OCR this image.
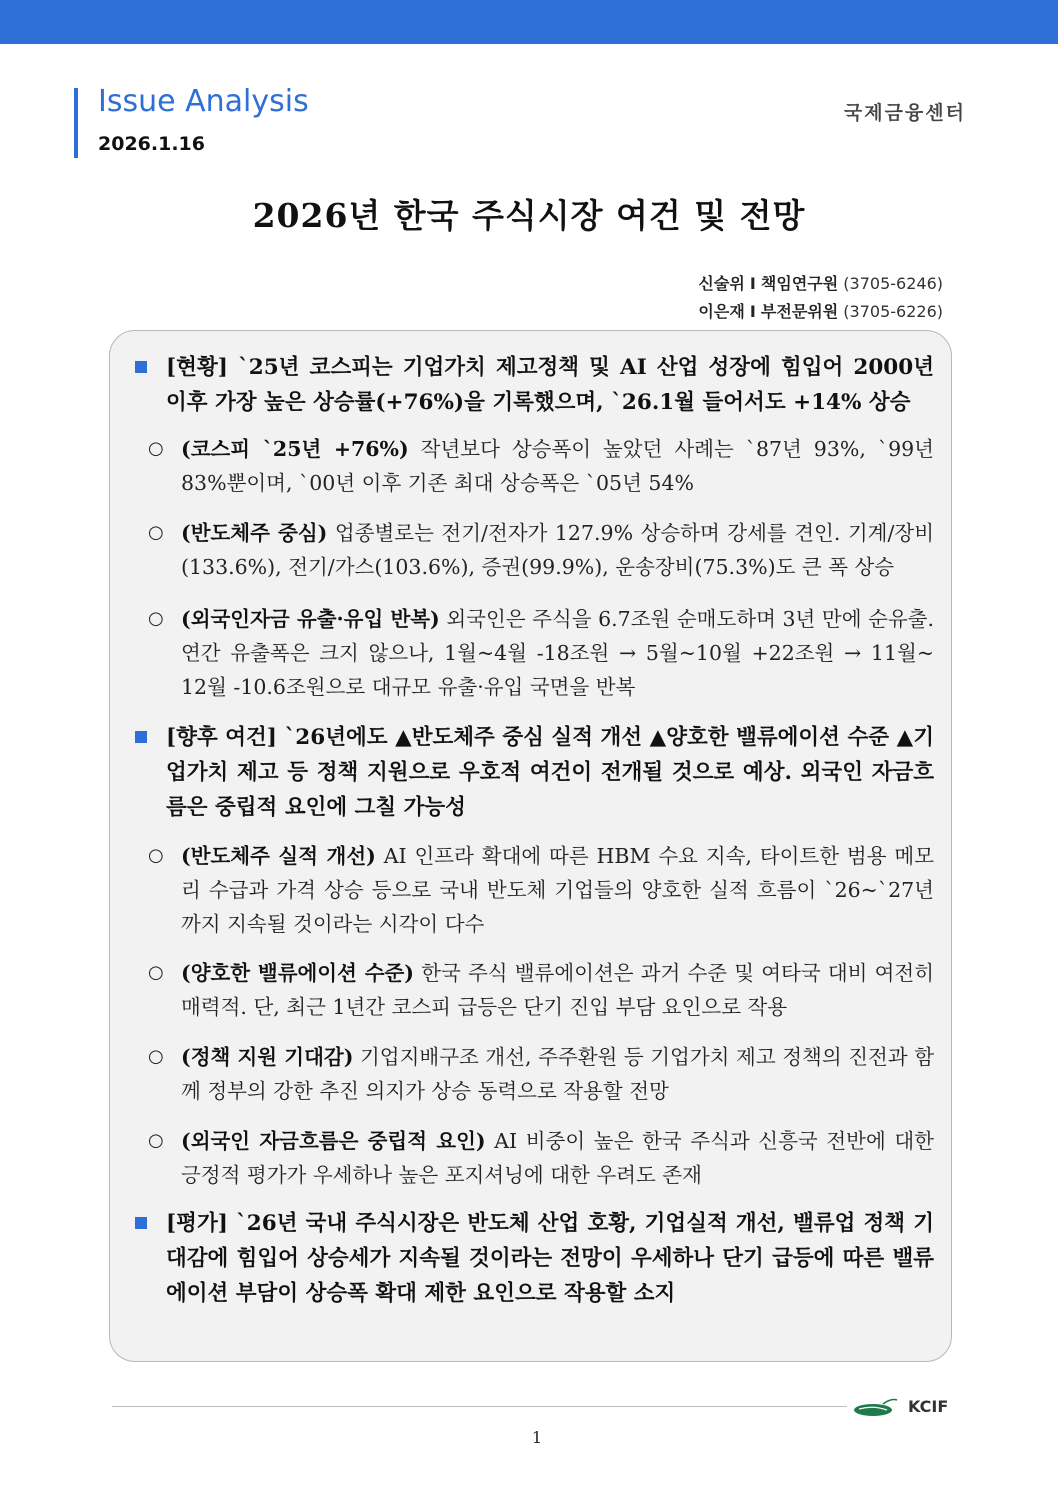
Issue Analysis
2026.1.16
국제금융센터
2026년 한국 주식시장 여건 및 전망
신술위 I 책임연구원 (3705-6246)
이은재 I 부전문위원 (3705-6226)
[현황] `25년 코스피는 기업가치 제고정책 및 AI 산업 성장에 힘입어 2000년 이후 가장 높은 상승률(+76%)을 기록했으며, `26.1월 들어서도 +14% 상승
○ (코스피 `25년 +76%) 작년보다 상승폭이 높았던 사례는 `87년 93%, `99년 83%뿐이며, `00년 이후 기존 최대 상승폭은 `05년 54%
○ (반도체주 중심) 업종별로는 전기/전자가 127.9% 상승하며 강세를 견인. 기계/장비(133.6%), 전기/가스(103.6%), 증권(99.9%), 운송장비(75.3%)도 큰 폭 상승
○ (외국인자금 유출·유입 반복) 외국인은 주식을 6.7조원 순매도하며 3년 만에 순유출. 연간 유출폭은 크지 않으나, 1월~4월 -18조원 → 5월~10월 +22조원 → 11월~ 12월 -10.6조원으로 대규모 유출·유입 국면을 반복
[향후 여건] `26년에도 ▲반도체주 중심 실적 개선 ▲양호한 밸류에이션 수준 ▲기업가치 제고 등 정책 지원으로 우호적 여건이 전개될 것으로 예상. 외국인 자금흐름은 중립적 요인에 그칠 가능성
○ (반도체주 실적 개선) AI 인프라 확대에 따른 HBM 수요 지속, 타이트한 범용 메모리 수급과 가격 상승 등으로 국내 반도체 기업들의 양호한 실적 흐름이 `26~`27년까지 지속될 것이라는 시각이 다수
○ (양호한 밸류에이션 수준) 한국 주식 밸류에이션은 과거 수준 및 여타국 대비 여전히 매력적. 단, 최근 1년간 코스피 급등은 단기 진입 부담 요인으로 작용
○ (정책 지원 기대감) 기업지배구조 개선, 주주환원 등 기업가치 제고 정책의 진전과 함께 정부의 강한 추진 의지가 상승 동력으로 작용할 전망
○ (외국인 자금흐름은 중립적 요인) AI 비중이 높은 한국 주식과 신흥국 전반에 대한 긍정적 평가가 우세하나 높은 포지셔닝에 대한 우려도 존재
[평가] `26년 국내 주식시장은 반도체 산업 호황, 기업실적 개선, 밸류업 정책 기대감에 힘입어 상승세가 지속될 것이라는 전망이 우세하나 단기 급등에 따른 밸류에이션 부담이 상승폭 확대 제한 요인으로 작용할 소지
KCIF
1
